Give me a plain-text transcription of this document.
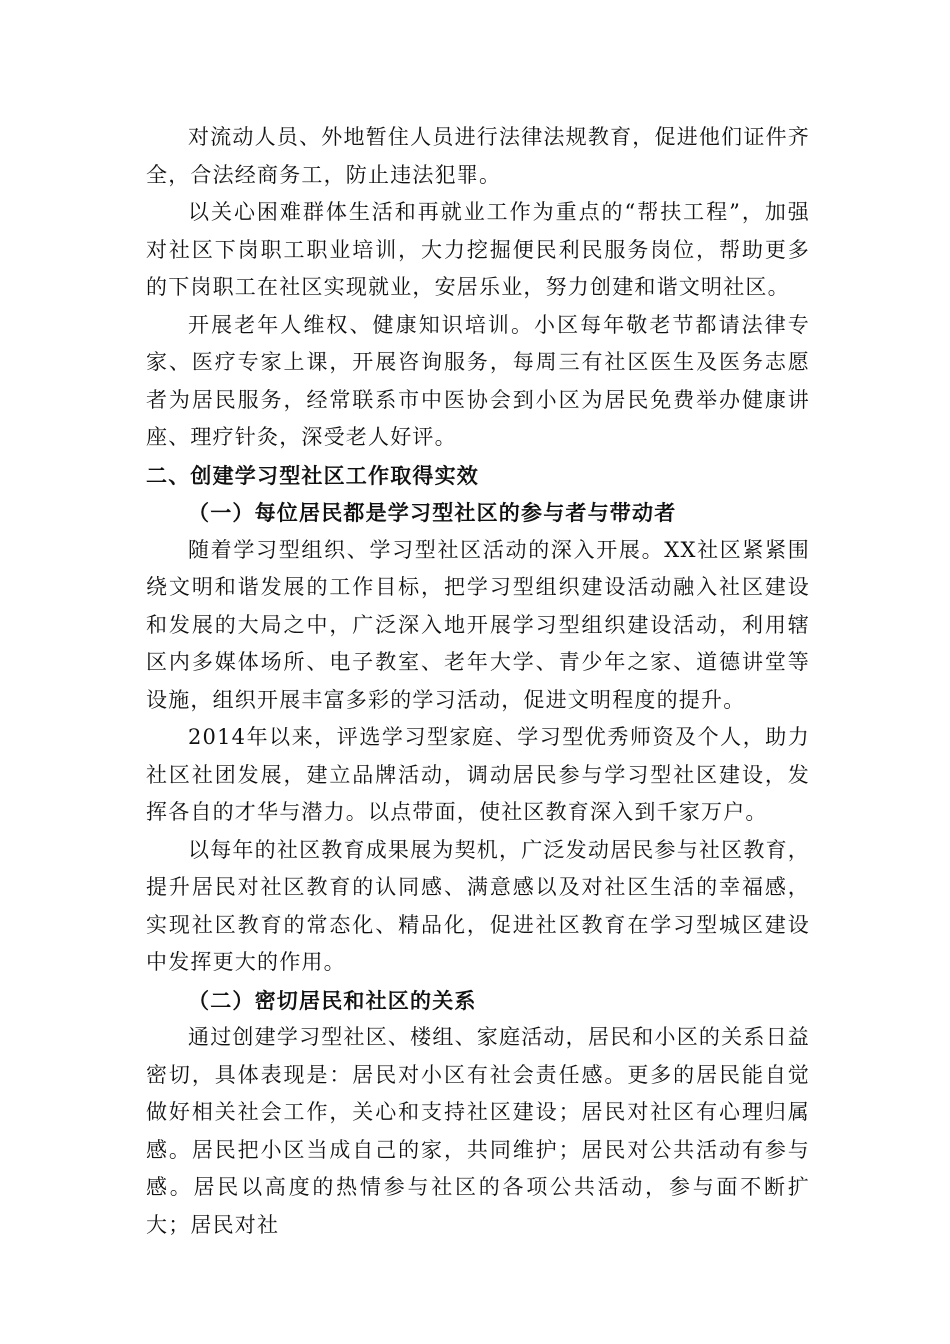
对流动人员、外地暂住人员进行法律法规教育，促进他们证件齐全，合法经商务工，防止违法犯罪。

以关心困难群体生活和再就业工作为重点的“帮扶工程”，加强对社区下岗职工职业培训，大力挖掘便民利民服务岗位，帮助更多的下岗职工在社区实现就业，安居乐业，努力创建和谐文明社区。

开展老年人维权、健康知识培训。小区每年敬老节都请法律专家、医疗专家上课，开展咨询服务，每周三有社区医生及医务志愿者为居民服务，经常联系市中医协会到小区为居民免费举办健康讲座、理疗针灸，深受老人好评。

二、创建学习型社区工作取得实效
（一）每位居民都是学习型社区的参与者与带动者

随着学习型组织、学习型社区活动的深入开展。XX社区紧紧围绕文明和谐发展的工作目标，把学习型组织建设活动融入社区建设和发展的大局之中，广泛深入地开展学习型组织建设活动，利用辖区内多媒体场所、电子教室、老年大学、青少年之家、道德讲堂等设施，组织开展丰富多彩的学习活动，促进文明程度的提升。

2014年以来，评选学习型家庭、学习型优秀师资及个人，助力社区社团发展，建立品牌活动，调动居民参与学习型社区建设，发挥各自的才华与潜力。以点带面，使社区教育深入到千家万户。

以每年的社区教育成果展为契机，广泛发动居民参与社区教育，提升居民对社区教育的认同感、满意感以及对社区生活的幸福感，实现社区教育的常态化、精品化，促进社区教育在学习型城区建设中发挥更大的作用。

（二）密切居民和社区的关系

通过创建学习型社区、楼组、家庭活动，居民和小区的关系日益密切，具体表现是：居民对小区有社会责任感。更多的居民能自觉做好相关社会工作，关心和支持社区建设；居民对社区有心理归属感。居民把小区当成自己的家，共同维护；居民对公共活动有参与感。居民以高度的热情参与社区的各项公共活动，参与面不断扩大；居民对社
